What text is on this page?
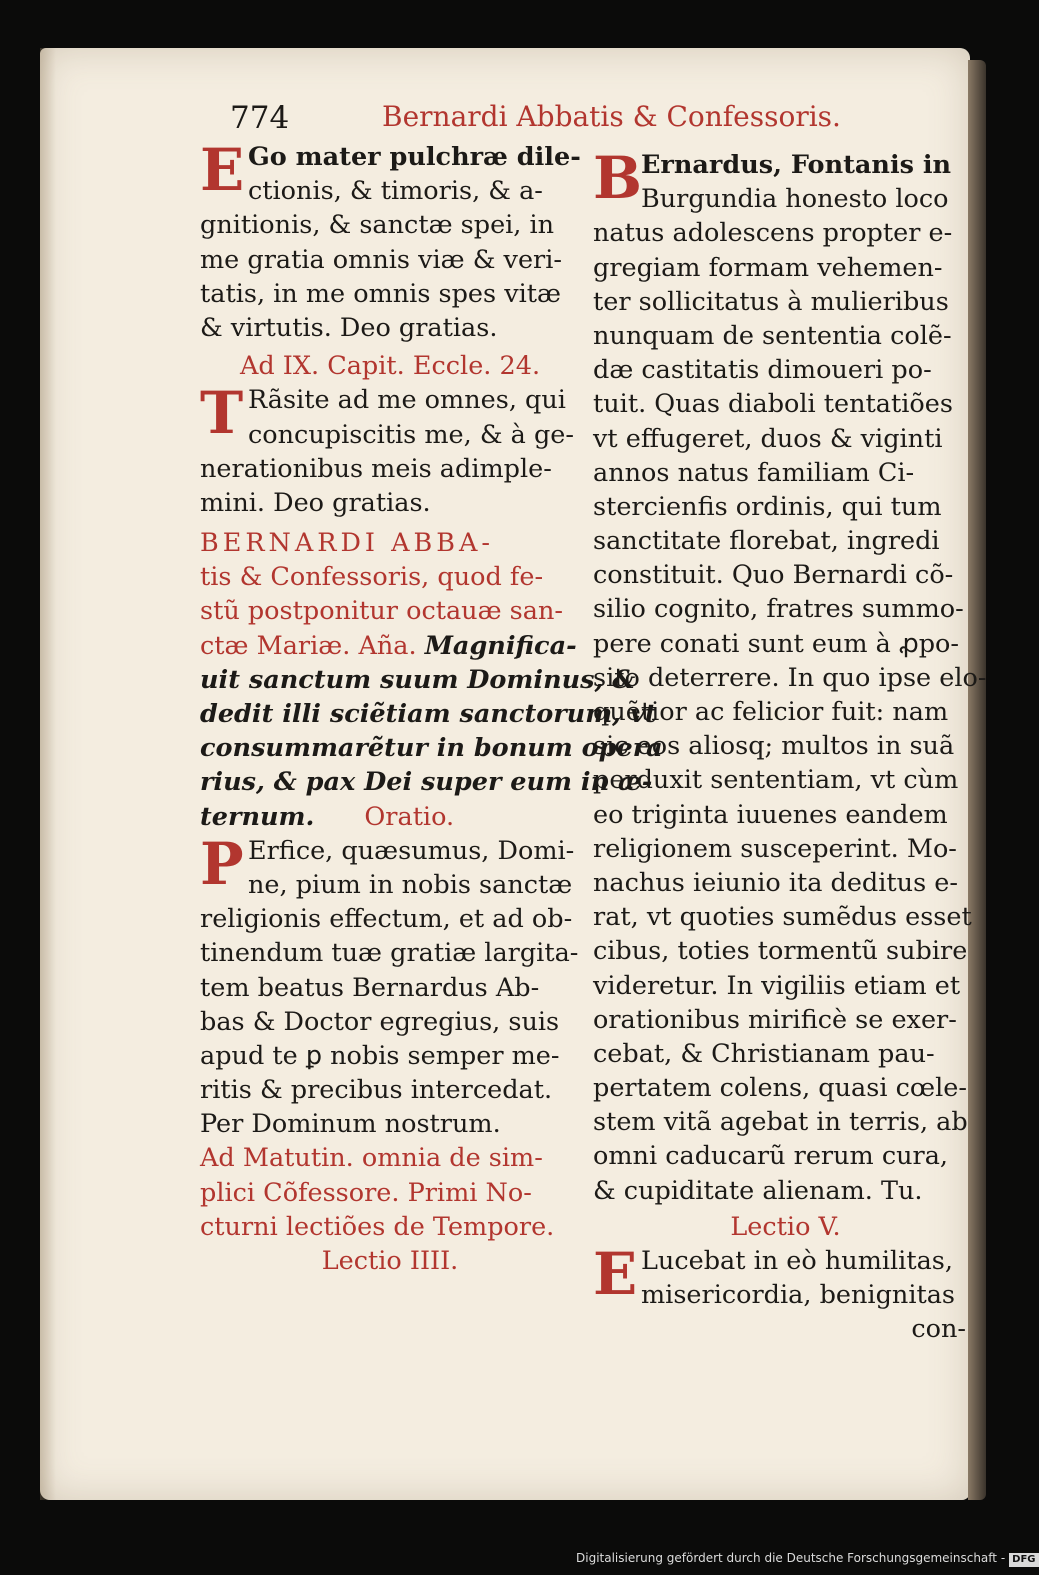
774	Bernardi Abbatis & Confessoris.
E Go mater pulchræ dile-
ctionis, & timoris, & a-
gnitionis, & sanctæ spei, in
me gratia omnis viæ & veri-
tatis, in me omnis spes vitæ
& virtutis. Deo gratias.
Ad IX. Capit. Eccle. 24.
T Rãsite ad me omnes, qui
concupiscitis me, & à ge-
nerationibus meis adimple-
mini. Deo gratias.
BERNARDI ABBA-
tis & Confessoris, quod fe-
stũ postponitur octauæ san-
ctæ Mariæ. Aña. Magnifica-
uit sanctum suum Dominus, &
dedit illi sciẽtiam sanctorum, vt
consummarẽtur in bonum opera
rius, & pax Dei super eum in æ-
ternum. Oratio.
P Erfice, quæsumus, Domi-
ne, pium in nobis sanctæ
religionis effectum, et ad ob-
tinendum tuæ gratiæ largita-
tem beatus Bernardus Ab-
bas & Doctor egregius, suis
apud te ꝑ nobis semper me-
ritis & precibus intercedat.
Per Dominum nostrum.
Ad Matutin. omnia de sim-
plici Cõfessore. Primi No-
cturni lectiões de Tempore.
Lectio IIII.
B
Ernardus, Fontanis in
Burgundia honesto loco
natus adolescens propter e-
gregiam formam vehemen-
ter sollicitatus à mulieribus
nunquam de sententia colẽ-
dæ castitatis dimoueri po-
tuit. Quas diaboli tentatiões
vt effugeret, duos & viginti
annos natus familiam Ci-
stercienfis ordinis, qui tum
sanctitate florebat, ingredi
constituit. Quo Bernardi cõ-
silio cognito, fratres summo-
pere conati sunt eum à ꝓpo-
sito deterrere. In quo ipse elo-
quẽtior ac felicior fuit: nam
sic eos aliosq; multos in suã
perduxit sententiam, vt cùm
eo triginta iuuenes eandem
religionem susceperint. Mo-
nachus ieiunio ita deditus e-
rat, vt quoties sumẽdus esset
cibus, toties tormentũ subire
videretur. In vigiliis etiam et
orationibus mirificè se exer-
cebat, & Christianam pau-
pertatem colens, quasi cœle-
stem vitã agebat in terris, ab
omni caducarũ rerum cura,
& cupiditate alienam. Tu.
Lectio V.
E Lucebat in eò humilitas,
misericordia, benignitas
con-
Digitalisierung gefördert durch die Deutsche Forschungsgemeinschaft - DFG
